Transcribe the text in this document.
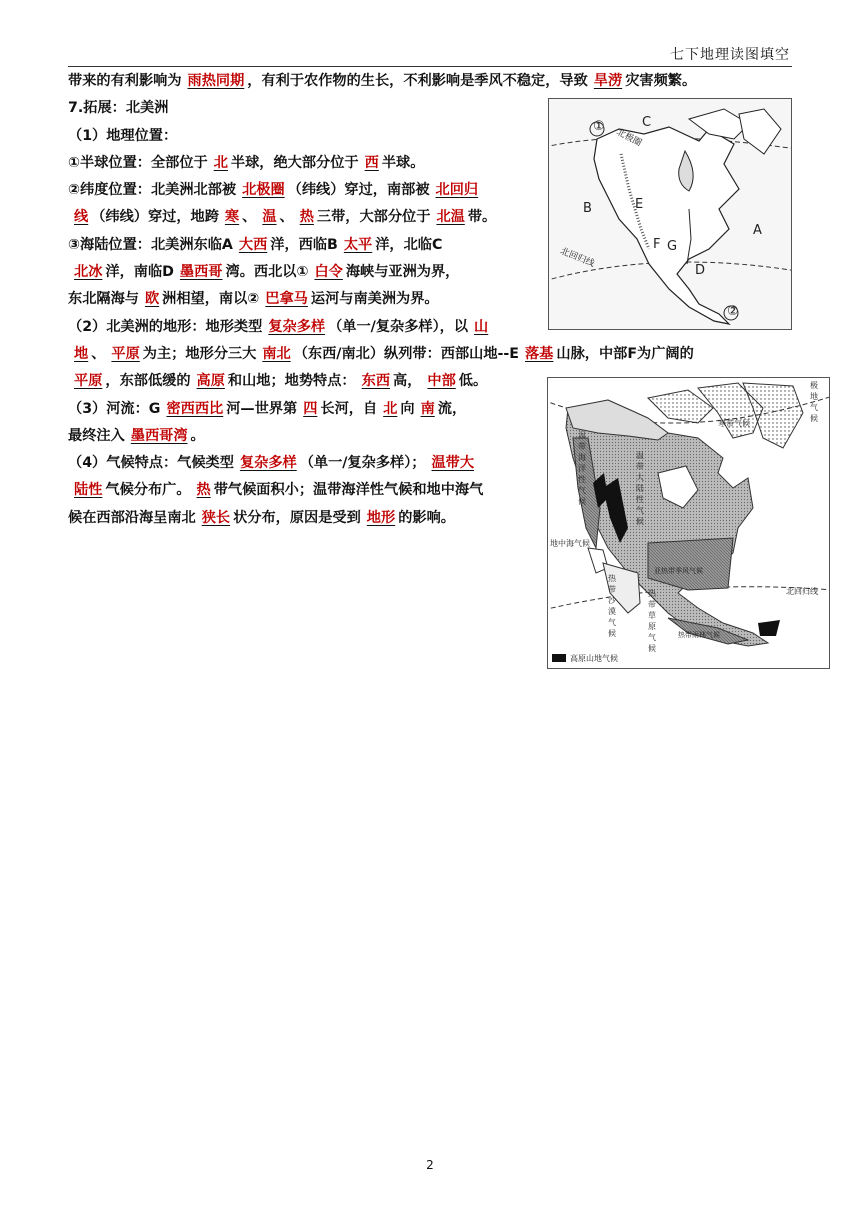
七下地理读图填空
带来的有利影响为 雨热同期 ，有利于农作物的生长，不利影响是季风不稳定，导致 旱涝 灾害频繁。
7.拓展：北美洲
（1）地理位置：
①半球位置：全部位于 北 半球，绝大部分位于 西 半球。
②纬度位置：北美洲北部被 北极圈 （纬线）穿过，南部被 北回归
线 （纬线）穿过，地跨 寒 、 温 、 热 三带，大部分位于 北温 带。
③海陆位置：北美洲东临A 大西 洋，西临B 太平 洋，北临C
北冰 洋，南临D 墨西哥 湾。西北以① 白令 海峡与亚洲为界，
东北隔海与 欧 洲相望，南以② 巴拿马 运河与南美洲为界。
（2）北美洲的地形：地形类型 复杂多样 （单一/复杂多样），以 山
地 、 平原 为主；地形分三大 南北 （东西/南北）纵列带：西部山地--E 落基 山脉，中部F为广阔的
平原 ，东部低缓的 高原 和山地；地势特点： 东西 高， 中部 低。
（3）河流：G 密西西比 河—世界第 四 长河，自 北 向 南 流，
最终注入 墨西哥湾 。
（4）气候特点：气候类型 复杂多样 （单一/复杂多样）； 温带大
陆性 气候分布广。 热 带气候面积小；温带海洋性气候和地中海气
候在西部沿海呈南北 狭长 状分布，原因是受到 地形 的影响。
①
②
C
B	E
F G
A
D
北极圈
北回归线
温带海洋性气候
温带大陆性气候
地中海气候
亚热带季风气候
热带沙漠气候
热带草原气候
热带雨林气候
寒带气候
极地气候
北回归线
高原山地气候
2
